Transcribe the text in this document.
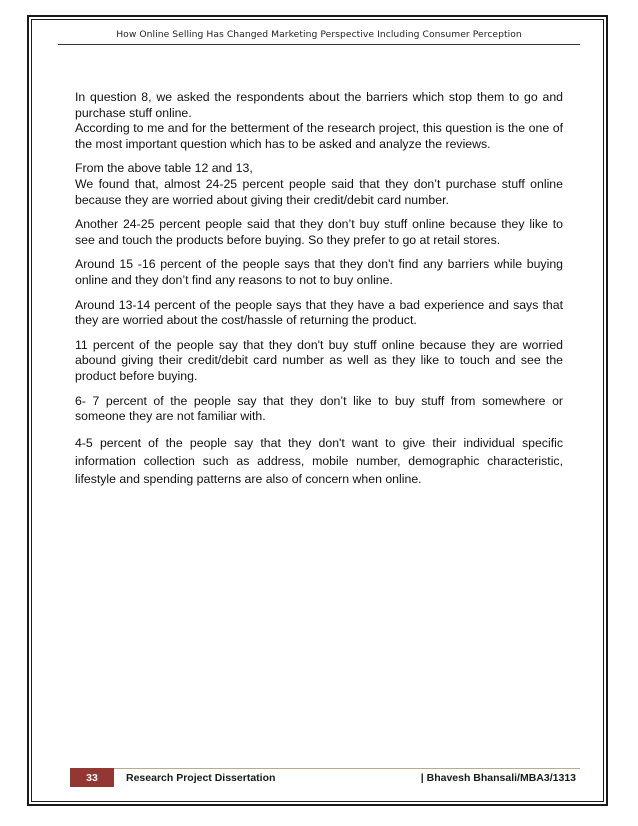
How Online Selling Has Changed Marketing Perspective Including Consumer Perception

In question 8, we asked the respondents about the barriers which stop them to go and purchase stuff online.

According to me and for the betterment of the research project, this question is the one of the most important question which has to be asked and analyze the reviews.

From the above table 12 and 13,

We found that, almost 24-25 percent people said that they don’t purchase stuff online because they are worried about giving their credit/debit card number.

Another 24-25 percent people said that they don’t buy stuff online because they like to see and touch the products before buying. So they prefer to go at retail stores.

Around 15 -16 percent of the people says that they don't find any barriers while buying online and they don’t find any reasons to not to buy online.

Around 13-14 percent of the people says that they have a bad experience and says that they are worried about the cost/hassle of returning the product.

11 percent of the people say that they don't buy stuff online because they are worried abound giving their credit/debit card number as well as they like to touch and see the product before buying.

6- 7 percent of the people say that they don’t like to buy stuff from somewhere or someone they are not familiar with.

4-5 percent of the people say that they don't want to give their individual specific information collection such as address, mobile number, demographic characteristic, lifestyle and spending patterns are also of concern when online.

33	Research Project Dissertation	| Bhavesh Bhansali/MBA3/1313
